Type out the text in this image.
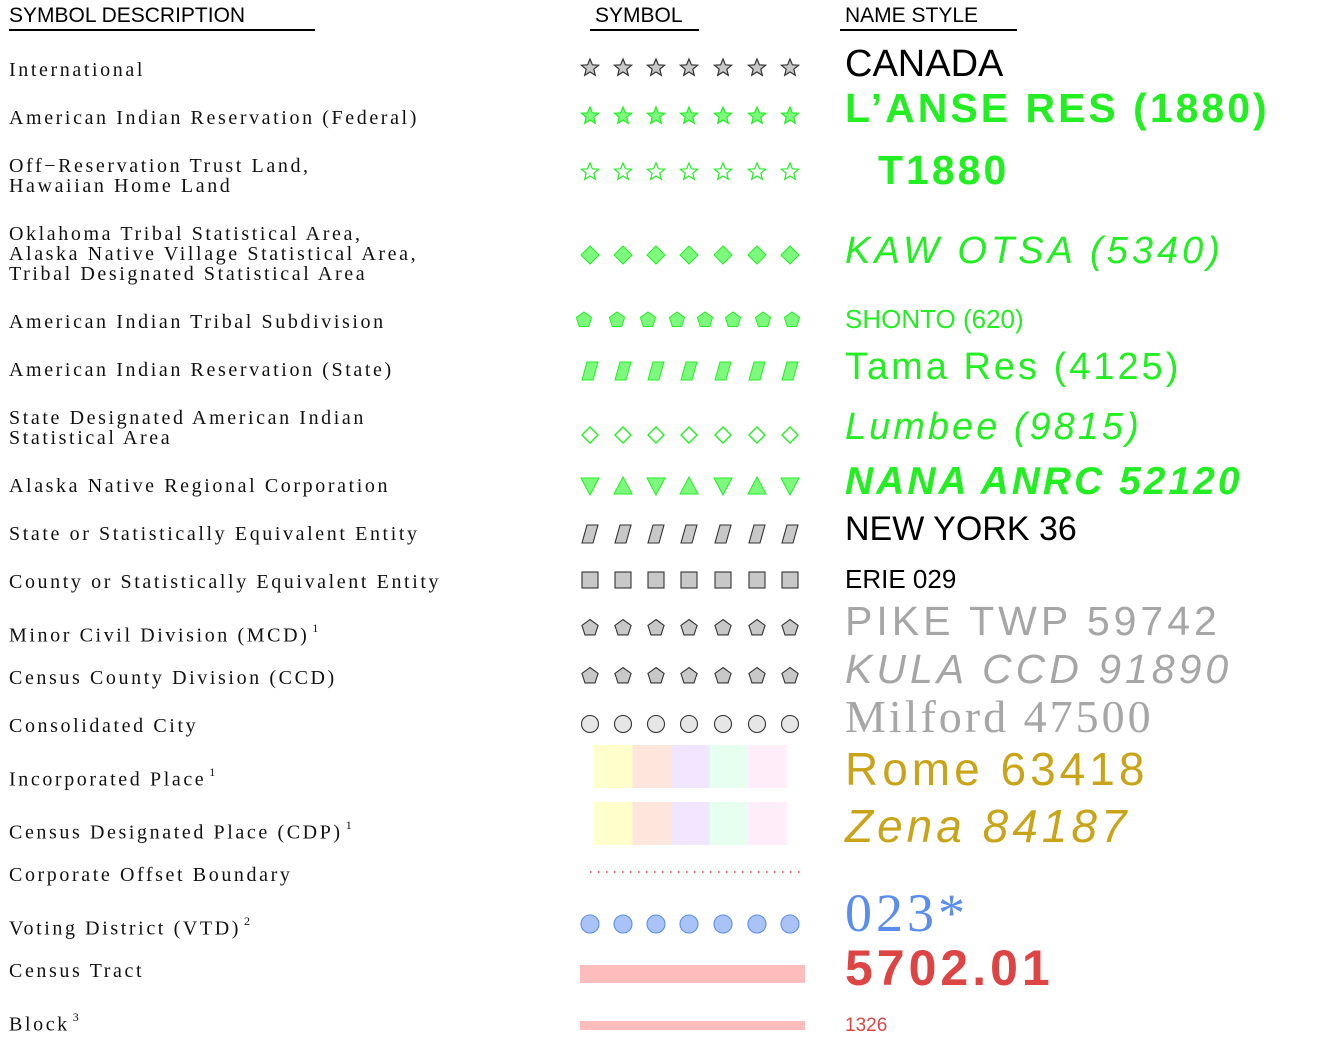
SYMBOL DESCRIPTION	SYMBOL	NAME STYLE
International	CANADA
American Indian Reservation (Federal)	L’ANSE RES (1880)
Off−Reservation Trust Land,
Hawaiian Home Land	T1880
Oklahoma Tribal Statistical Area,
Alaska Native Village Statistical Area,
Tribal Designated Statistical Area
KAW OTSA (5340)
American Indian Tribal Subdivision	SHONTO (620)
American Indian Reservation (State)	Tama Res (4125)
State Designated American Indian
Statistical Area	Lumbee (9815)
Alaska Native Regional Corporation	NANA ANRC 52120
State or Statistically Equivalent Entity	NEW YORK 36
County or Statistically Equivalent Entity	ERIE 029
Minor Civil Division (MCD) $^1$	PIKE TWP 59742
Census County Division (CCD)	KULA CCD 91890
Consolidated City	Milford 47500
Incorporated Place $^1$	Rome 63418
Census Designated Place (CDP) $^1$	Zena 84187
Corporate Offset Boundary
Voting District (VTD) $^2$	023*
Census Tract	5702.01
Block $^3$	1326
